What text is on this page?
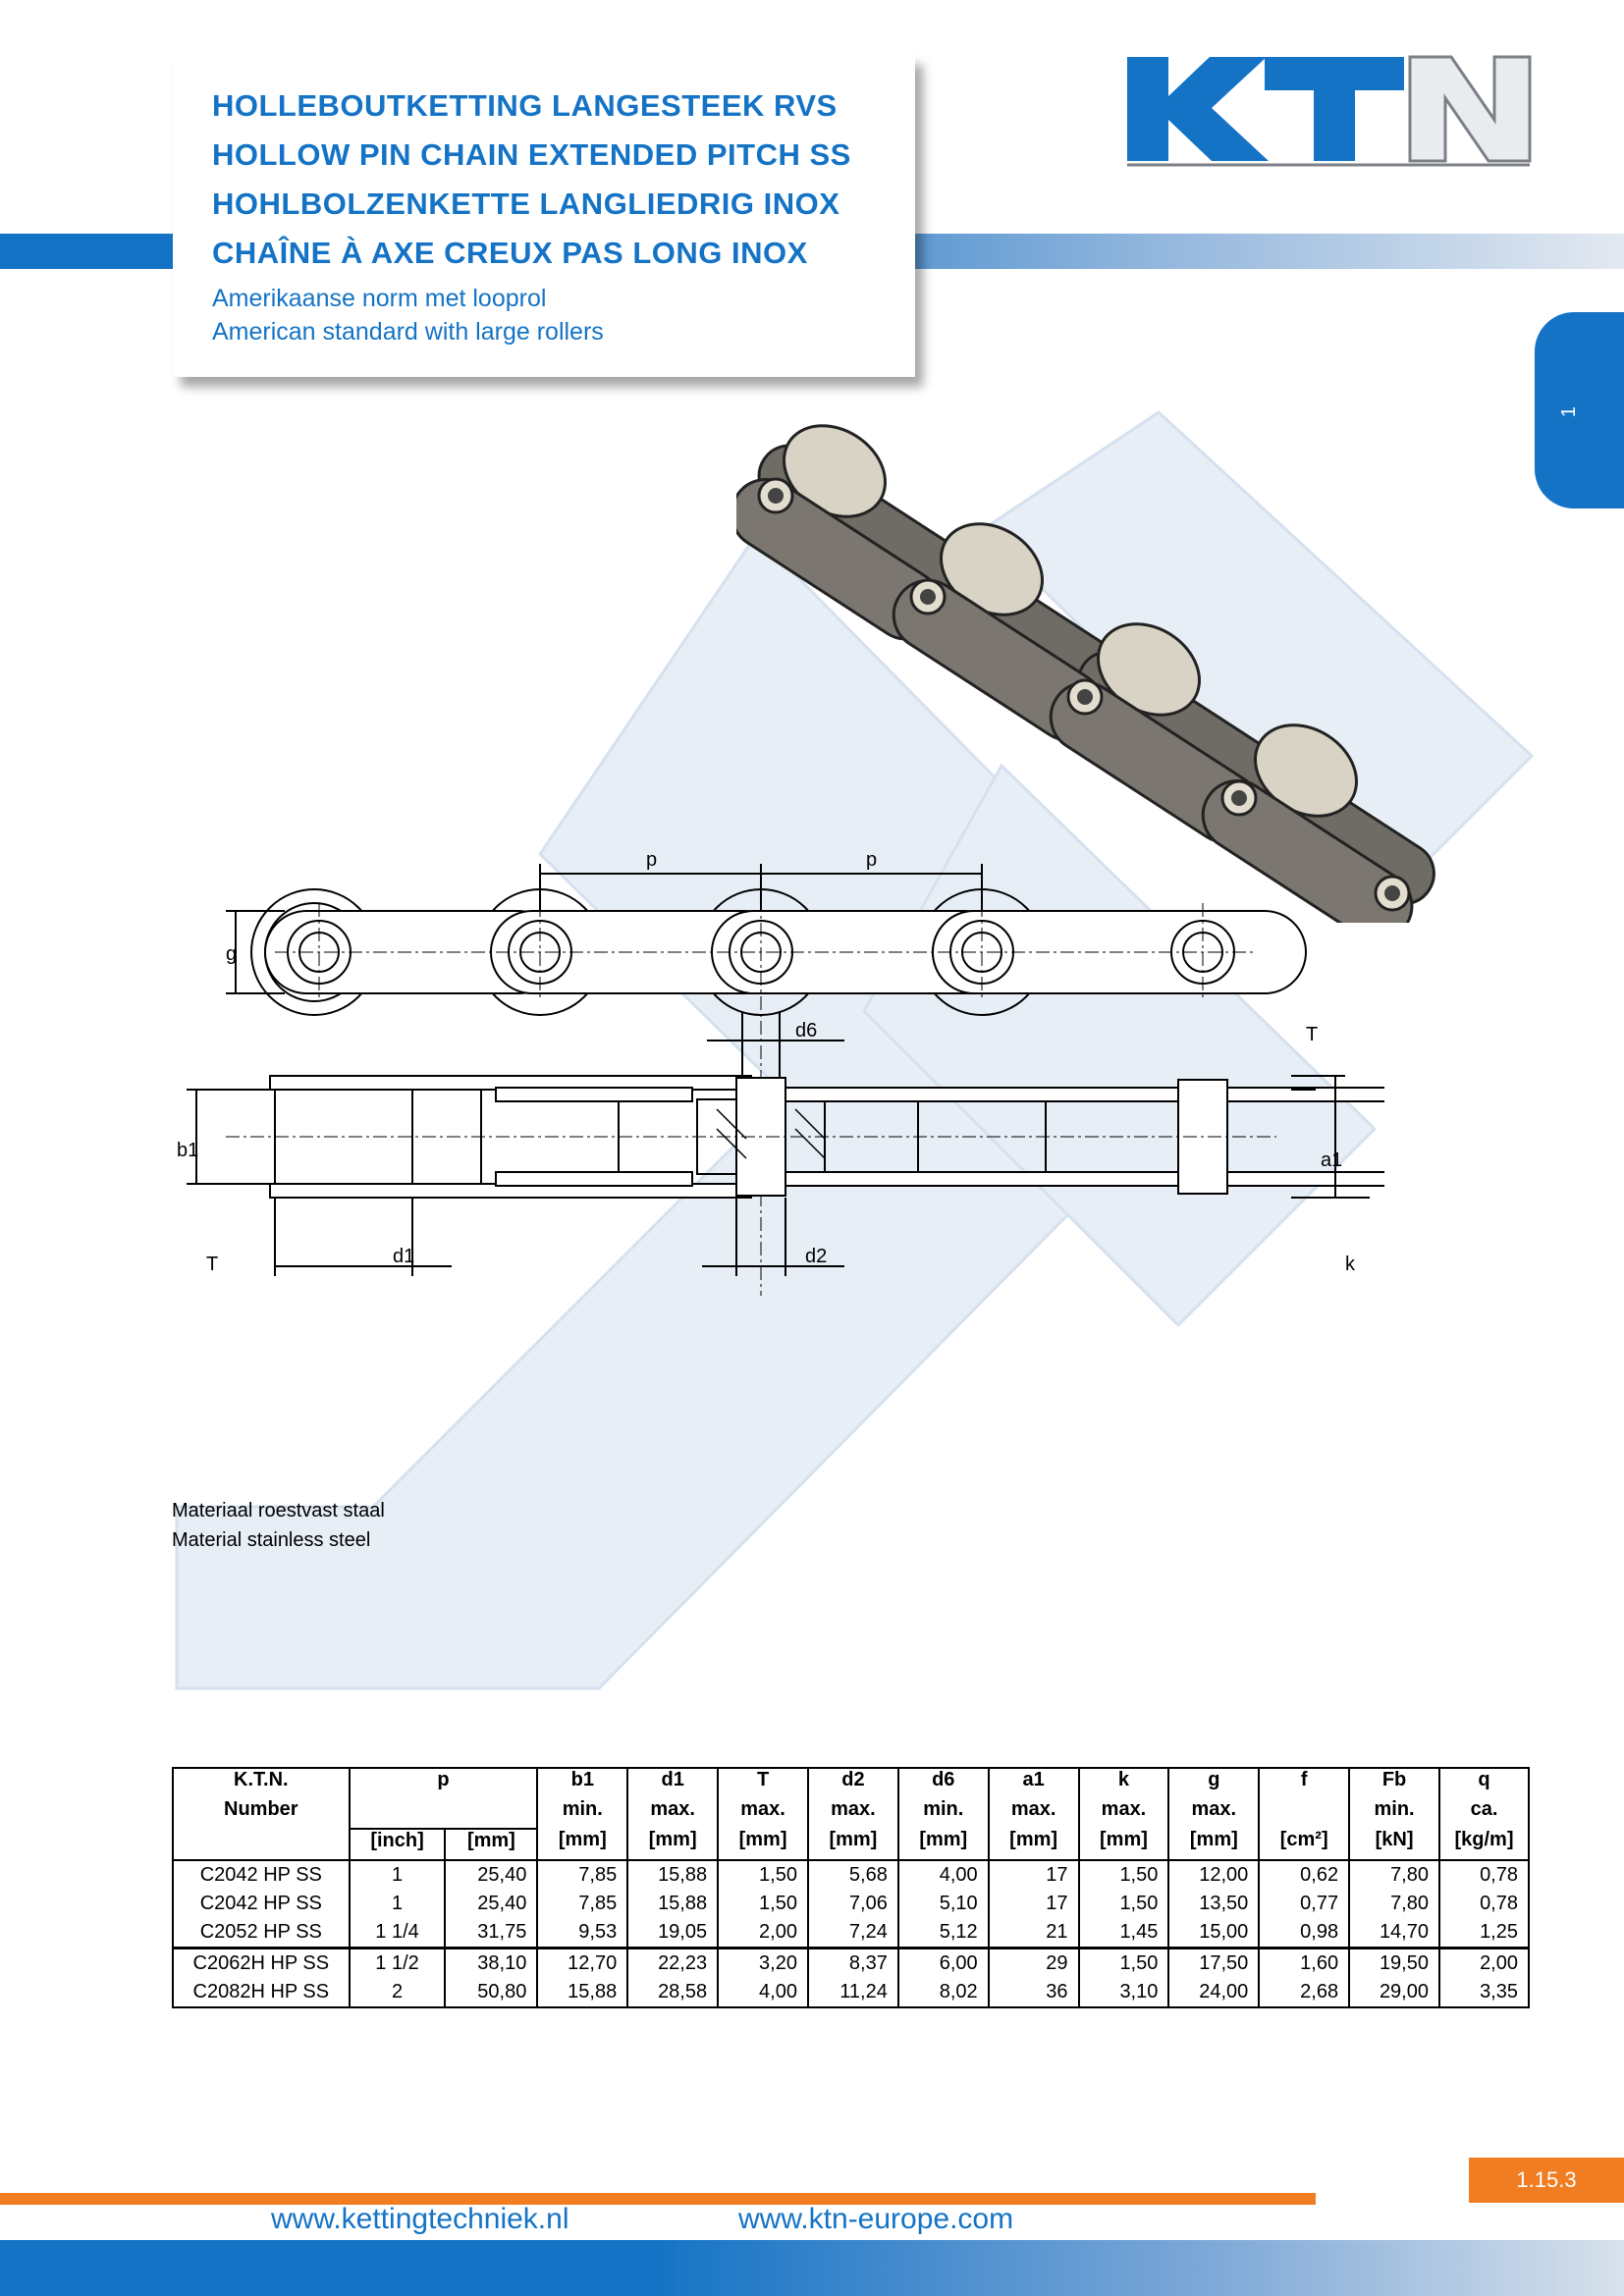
HOLLEBOUTKETTING LANGESTEEK RVS
HOLLOW PIN CHAIN EXTENDED PITCH SS
HOHLBOLZENKETTE LANGLIEDRIG INOX
CHAÎNE À AXE CREUX PAS LONG INOX
Amerikaanse norm met looprol
American standard with large rollers
1
p	p
g
d6	T
b1	a1
T	d1	d2	k
Materiaal roestvast staal
Material stainless steel
K.T.N.	p		b1	d1	T	d2	d6	a1	k	g	f	Fb	q
Number			min.	max.	max.	max.	min.	max.	max.	max.		min.	ca.
	[inch]	[mm]	[mm]	[mm]	[mm]	[mm]	[mm]	[mm]	[mm]	[mm]	[cm²]	[kN]	[kg/m]
C2042 HP SS	1	25,40	7,85	15,88	1,50	5,68	4,00	17	1,50	12,00	0,62	7,80	0,78
C2042 HP SS	1	25,40	7,85	15,88	1,50	7,06	5,10	17	1,50	13,50	0,77	7,80	0,78
C2052 HP SS	1 1/4	31,75	9,53	19,05	2,00	7,24	5,12	21	1,45	15,00	0,98	14,70	1,25
C2062H HP SS	1 1/2	38,10	12,70	22,23	3,20	8,37	6,00	29	1,50	17,50	1,60	19,50	2,00
C2082H HP SS	2	50,80	15,88	28,58	4,00	11,24	8,02	36	3,10	24,00	2,68	29,00	3,35
1.15.3
www.kettingtechniek.nl	www.ktn-europe.com
